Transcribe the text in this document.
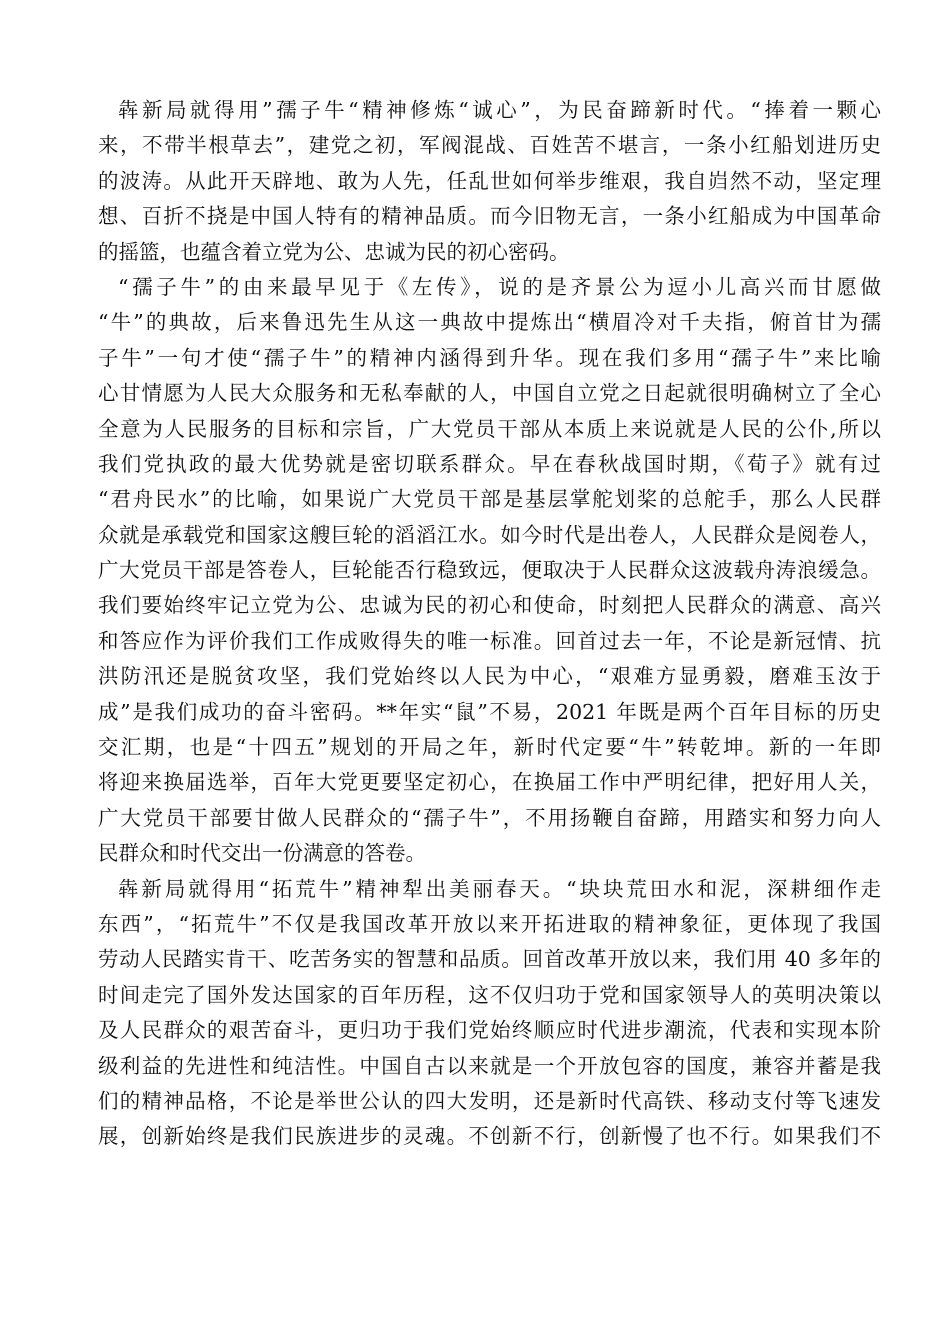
犇新局就得用”孺子牛“精神修炼“诚心”，为民奋蹄新时代。“捧着一颗心
来，不带半根草去”，建党之初，军阀混战、百姓苦不堪言，一条小红船划进历史
的波涛。从此开天辟地、敢为人先，任乱世如何举步维艰，我自岿然不动，坚定理
想、百折不挠是中国人特有的精神品质。而今旧物无言，一条小红船成为中国革命
的摇篮，也蕴含着立党为公、忠诚为民的初心密码。
“孺子牛”的由来最早见于《左传》，说的是齐景公为逗小儿高兴而甘愿做
“牛”的典故，后来鲁迅先生从这一典故中提炼出“横眉冷对千夫指，俯首甘为孺
子牛”一句才使“孺子牛”的精神内涵得到升华。现在我们多用“孺子牛”来比喻
心甘情愿为人民大众服务和无私奉献的人，中国自立党之日起就很明确树立了全心
全意为人民服务的目标和宗旨，广大党员干部从本质上来说就是人民的公仆,所以
我们党执政的最大优势就是密切联系群众。早在春秋战国时期，《荀子》就有过
“君舟民水”的比喻，如果说广大党员干部是基层掌舵划桨的总舵手，那么人民群
众就是承载党和国家这艘巨轮的滔滔江水。如今时代是出卷人，人民群众是阅卷人，
广大党员干部是答卷人，巨轮能否行稳致远，便取决于人民群众这波载舟涛浪缓急。
我们要始终牢记立党为公、忠诚为民的初心和使命，时刻把人民群众的满意、高兴
和答应作为评价我们工作成败得失的唯一标准。回首过去一年，不论是新冠情、抗
洪防汛还是脱贫攻坚，我们党始终以人民为中心，“艰难方显勇毅，磨难玉汝于
成”是我们成功的奋斗密码。**年实“鼠”不易，2021 年既是两个百年目标的历史
交汇期，也是“十四五”规划的开局之年，新时代定要“牛”转乾坤。新的一年即
将迎来换届选举，百年大党更要坚定初心，在换届工作中严明纪律，把好用人关，
广大党员干部要甘做人民群众的“孺子牛”，不用扬鞭自奋蹄，用踏实和努力向人
民群众和时代交出一份满意的答卷。
犇新局就得用“拓荒牛”精神犁出美丽春天。“块块荒田水和泥，深耕细作走
东西”，“拓荒牛”不仅是我国改革开放以来开拓进取的精神象征，更体现了我国
劳动人民踏实肯干、吃苦务实的智慧和品质。回首改革开放以来，我们用 40 多年的
时间走完了国外发达国家的百年历程，这不仅归功于党和国家领导人的英明决策以
及人民群众的艰苦奋斗，更归功于我们党始终顺应时代进步潮流，代表和实现本阶
级利益的先进性和纯洁性。中国自古以来就是一个开放包容的国度，兼容并蓄是我
们的精神品格，不论是举世公认的四大发明，还是新时代高铁、移动支付等飞速发
展，创新始终是我们民族进步的灵魂。不创新不行，创新慢了也不行。如果我们不
